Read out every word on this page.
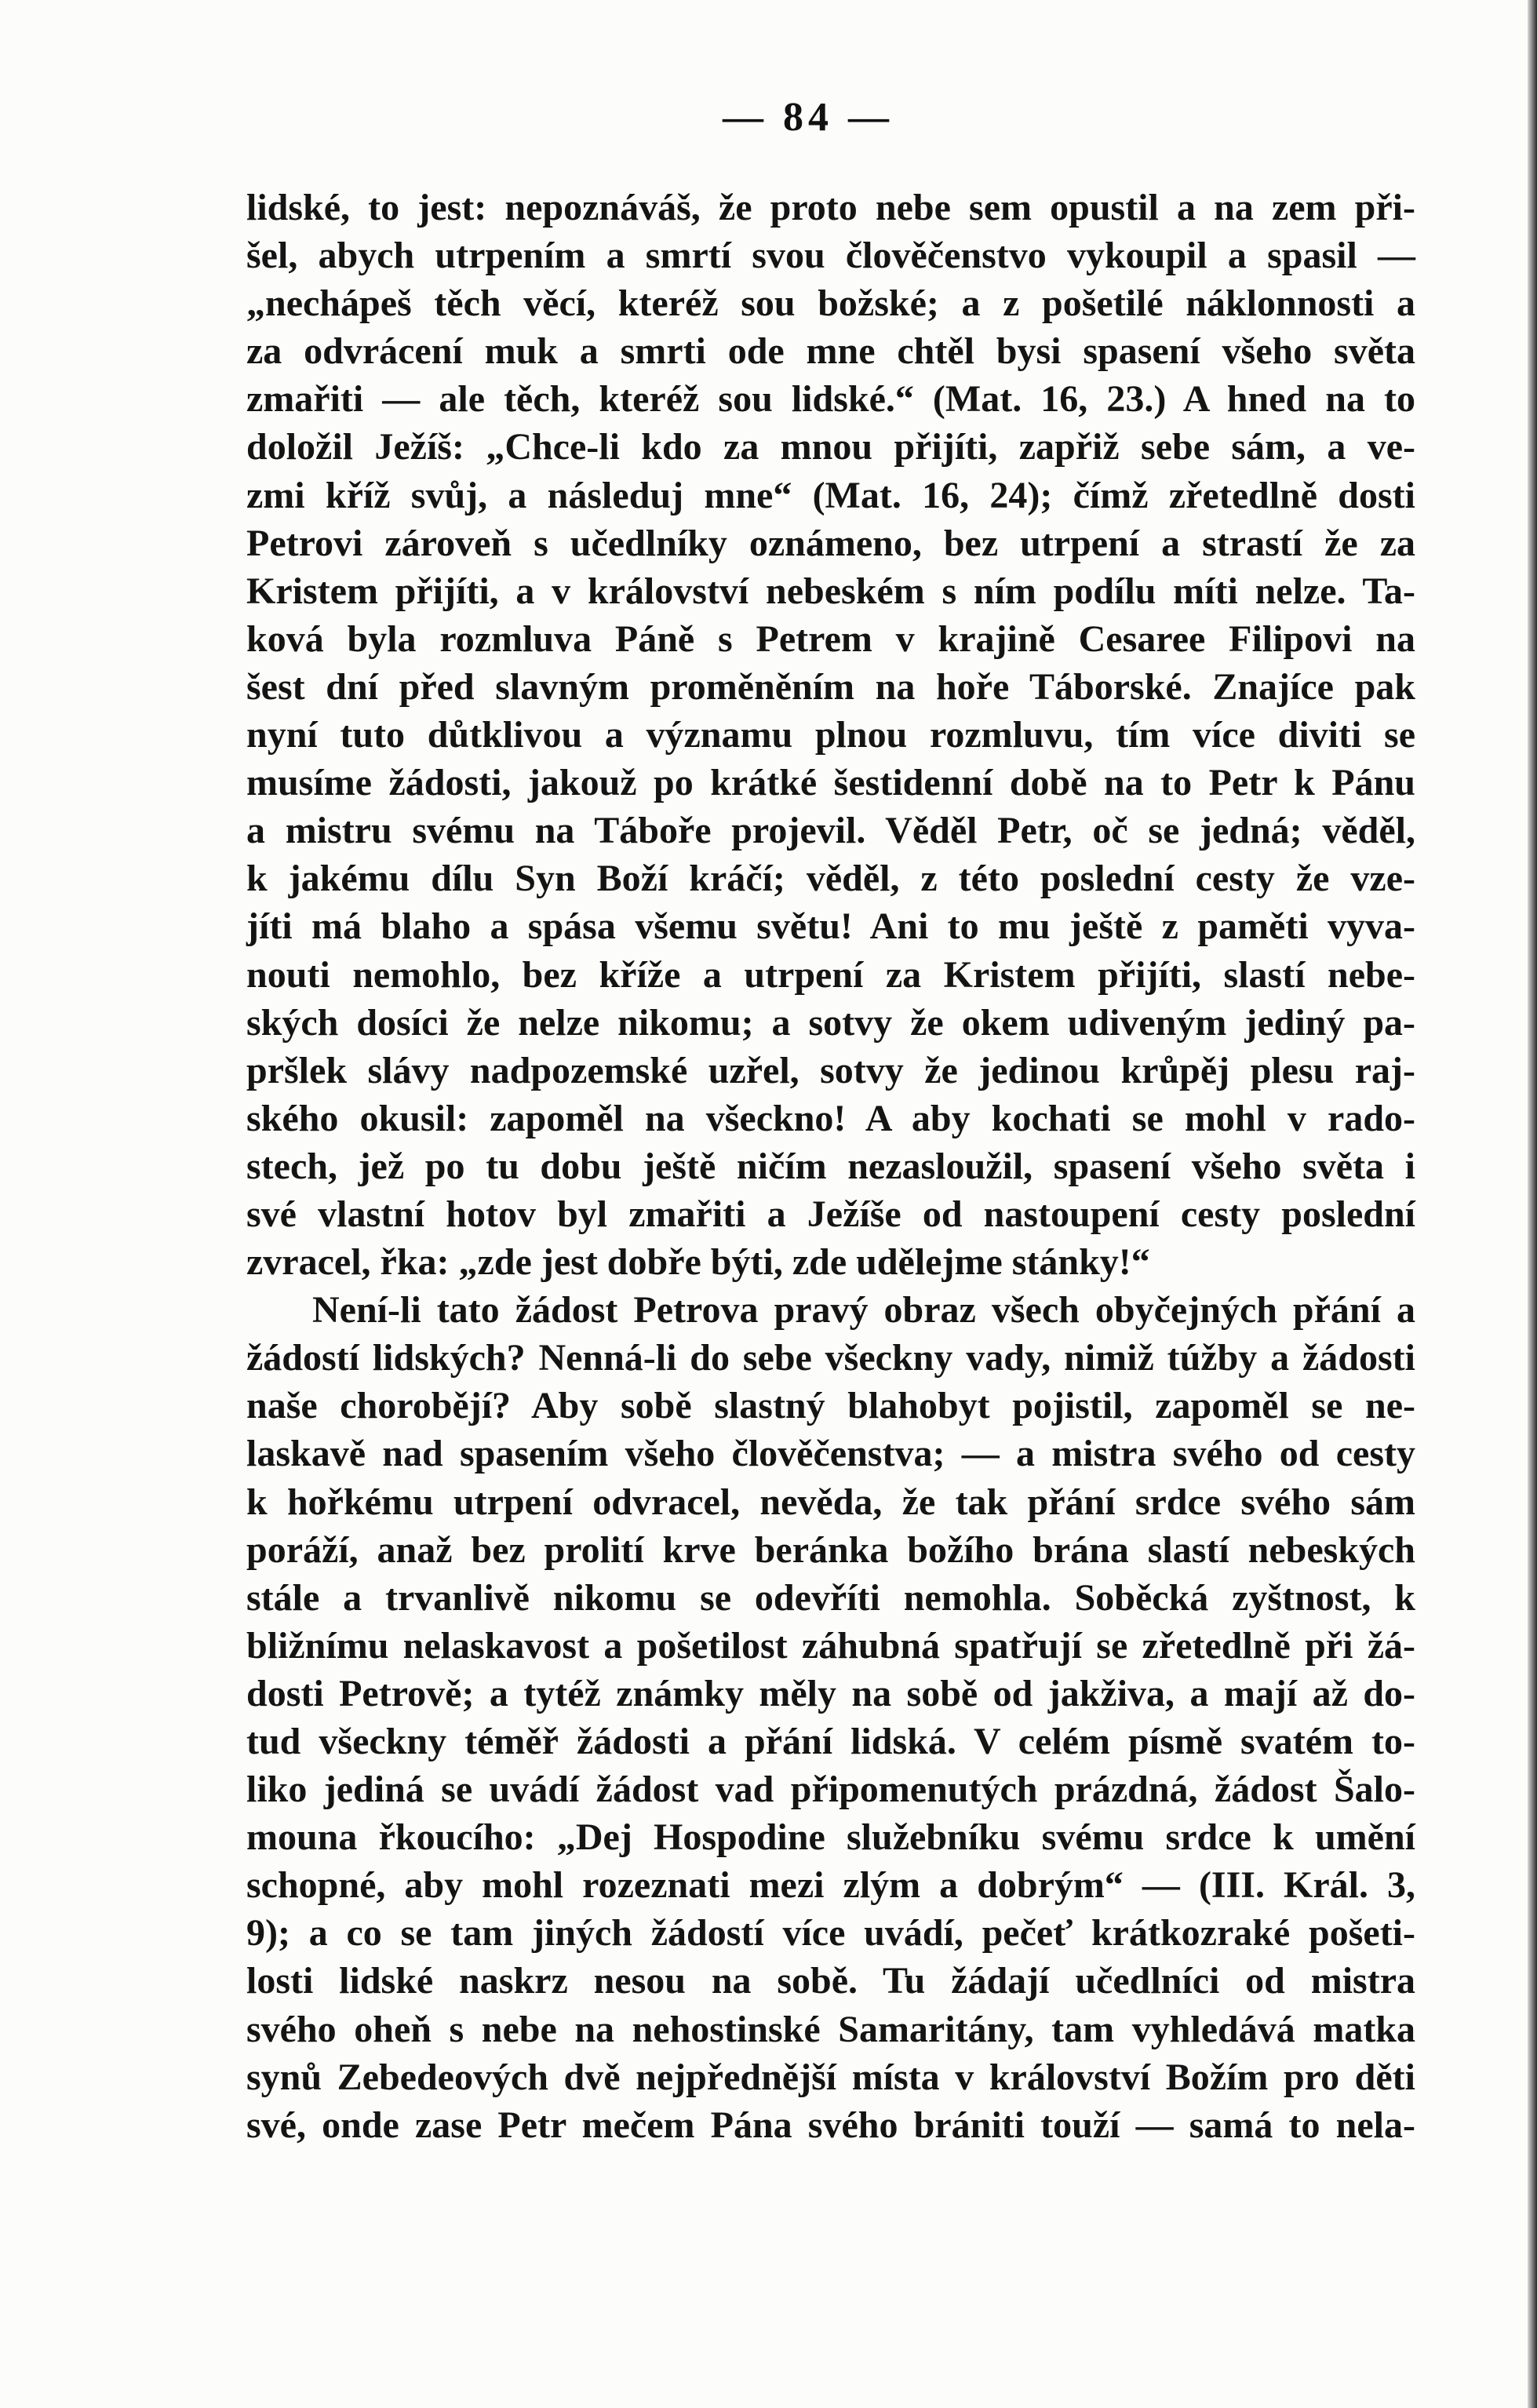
— 84 —
lidské, to jest: nepoznáváš, že proto nebe sem opustil a na zem při-
šel, abych utrpením a smrtí svou člověčenstvo vykoupil a spasil —
„nechápeš těch věcí, kteréž sou božské; a z pošetilé náklonnosti a
za odvrácení muk a smrti ode mne chtěl bysi spasení všeho světa
zmařiti — ale těch, kteréž sou lidské.“ (Mat. 16, 23.) A hned na to
doložil Ježíš: „Chce-li kdo za mnou přijíti, zapřiž sebe sám, a ve-
zmi kříž svůj, a následuj mne“ (Mat. 16, 24); čímž zřetedlně dosti
Petrovi zároveň s učedlníky oznámeno, bez utrpení a strastí že za
Kristem přijíti, a v království nebeském s ním podílu míti nelze. Ta-
ková byla rozmluva Páně s Petrem v krajině Cesaree Filipovi na
šest dní před slavným proměněním na hoře Táborské. Znajíce pak
nyní tuto důtklivou a významu plnou rozmluvu, tím více diviti se
musíme žádosti, jakouž po krátké šestidenní době na to Petr k Pánu
a mistru svému na Táboře projevil. Věděl Petr, oč se jedná; věděl,
k jakému dílu Syn Boží kráčí; věděl, z této poslední cesty že vze-
jíti má blaho a spása všemu světu! Ani to mu ještě z paměti vyva-
nouti nemohlo, bez kříže a utrpení za Kristem přijíti, slastí nebe-
ských dosíci že nelze nikomu; a sotvy že okem udiveným jediný pa-
pršlek slávy nadpozemské uzřel, sotvy že jedinou krůpěj plesu raj-
ského okusil: zapoměl na všeckno! A aby kochati se mohl v rado-
stech, jež po tu dobu ještě ničím nezasloužil, spasení všeho světa i
své vlastní hotov byl zmařiti a Ježíše od nastoupení cesty poslední
zvracel, řka: „zde jest dobře býti, zde udělejme stánky!“
Není-li tato žádost Petrova pravý obraz všech obyčejných přání a
žádostí lidských? Nenná-li do sebe všeckny vady, nimiž túžby a žádosti
naše chorobějí? Aby sobě slastný blahobyt pojistil, zapoměl se ne-
laskavě nad spasením všeho člověčenstva; — a mistra svého od cesty
k hořkému utrpení odvracel, nevěda, že tak přání srdce svého sám
poráží, anaž bez prolití krve beránka božího brána slastí nebeských
stále a trvanlivě nikomu se odevříti nemohla. Soběcká zyštnost, k
bližnímu nelaskavost a pošetilost záhubná spatřují se zřetedlně při žá-
dosti Petrově; a tytéž známky měly na sobě od jakživa, a mají až do-
tud všeckny téměř žádosti a přání lidská. V celém písmě svatém to-
liko jediná se uvádí žádost vad připomenutých prázdná, žádost Šalo-
mouna řkoucího: „Dej Hospodine služebníku svému srdce k umění
schopné, aby mohl rozeznati mezi zlým a dobrým“ — (III. Král. 3,
9); a co se tam jiných žádostí více uvádí, pečeť krátkozraké pošeti-
losti lidské naskrz nesou na sobě. Tu žádají učedlníci od mistra
svého oheň s nebe na nehostinské Samaritány, tam vyhledává matka
synů Zebedeových dvě nejpřednější místa v království Božím pro děti
své, onde zase Petr mečem Pána svého brániti touží — samá to nela-
